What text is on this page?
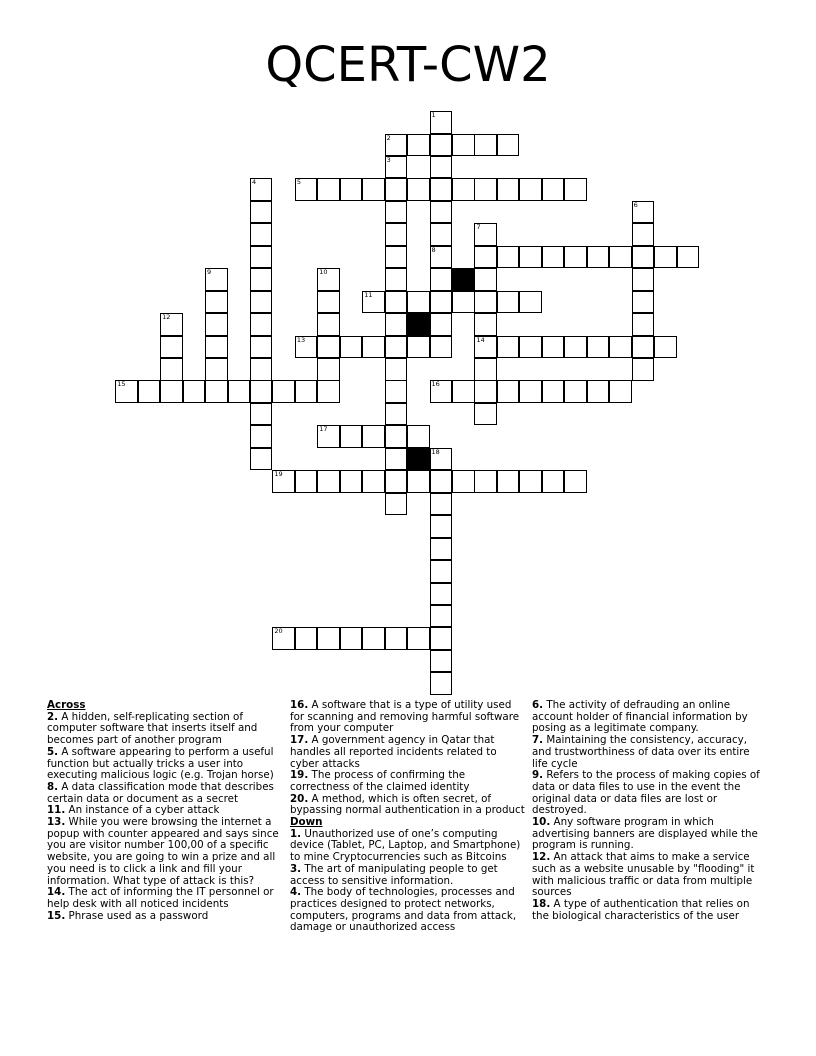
QCERT-CW2
1
2
3
4	5
6
7
8
9	10
11
12
13	14
15	16
17
18
19
20
Across

2. A hidden, self-replicating section of computer software that inserts itself and becomes part of another program

5. A software appearing to perform a useful function but actually tricks a user into executing malicious logic (e.g. Trojan horse)

8. A data classification mode that describes certain data or document as a secret

11. An instance of a cyber attack

13. While you were browsing the internet a popup with counter appeared and says since you are visitor number 100,00 of a specific website, you are going to win a prize and all you need is to click a link and fill your information. What type of attack is this?

14. The act of informing the IT personnel or help desk with all noticed incidents

15. Phrase used as a password

16. A software that is a type of utility used for scanning and removing harmful software from your computer

17. A government agency in Qatar that handles all reported incidents related to cyber attacks

19. The process of confirming the correctness of the claimed identity

20. A method, which is often secret, of bypassing normal authentication in a product

Down

1. Unauthorized use of one’s computing device (Tablet, PC, Laptop, and Smartphone) to mine Cryptocurrencies such as Bitcoins

3. The art of manipulating people to get access to sensitive information.

4. The body of technologies, processes and practices designed to protect networks, computers, programs and data from attack, damage or unauthorized access

6. The activity of defrauding an online account holder of financial information by posing as a legitimate company.

7. Maintaining the consistency, accuracy, and trustworthiness of data over its entire life cycle

9. Refers to the process of making copies of data or data files to use in the event the original data or data files are lost or destroyed.

10. Any software program in which advertising banners are displayed while the program is running.

12. An attack that aims to make a service such as a website unusable by "flooding" it with malicious traffic or data from multiple sources

18. A type of authentication that relies on the biological characteristics of the user
